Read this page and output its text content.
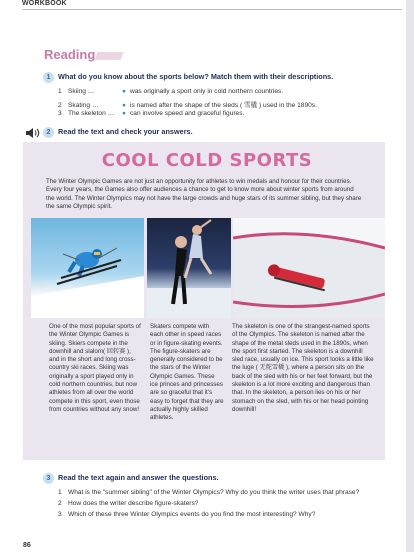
WORKBOOK
Reading
1	What do you know about the sports below? Match them with their descriptions.
1 Skiing …	● was originally a sport only in cold northern countries.
2 Skating …	● is named after the shape of the sleds ( 雪橇 ) used in the 1890s.
3 The skeleton … ● can involve speed and graceful figures.
2	Read the text and check your answers.
COOL COLD SPORTS
The Winter Olympic Games are not just an opportunity for athletes to win medals and honour for their countries. Every four years, the Games also offer audiences a chance to get to know more about winter sports from around the world. The Winter Olympics may not have the large crowds and huge stars of its summer sibling, but they share the same Olympic spirit.
One of the most popular sports of the Winter Olympic Games is skiing. Skiers compete in the downhill and slalom( 回转赛 ), and in the short and long cross-country ski races. Skiing was originally a sport played only in cold northern countries, but now athletes from all over the world compete in this sport, even those from countries without any snow!
Skaters compete with each other in speed races or in figure-skating events. The figure-skaters are generally considered to be the stars of the Winter Olympic Games. These ice princes and princesses are so graceful that it's easy to forget that they are actually highly skilled athletes.
The skeleton is one of the strangest-named sports of the Olympics. The skeleton is named after the shape of the metal sleds used in the 1890s, when the sport first started. The skeleton is a downhill sled race, usually on ice. This sport looks a little like the luge ( 无舵雪橇 ), where a person sits on the back of the sled with his or her feet forward, but the skeleton is a lot more exciting and dangerous than that. In the skeleton, a person lies on his or her stomach on the sled, with his or her head pointing downhill!
3	Read the text again and answer the questions.
1 What is the "summer sibling" of the Winter Olympics? Why do you think the writer uses that phrase?
2 How does the writer describe figure-skaters?
3 Which of these three Winter Olympics events do you find the most interesting? Why?
86
